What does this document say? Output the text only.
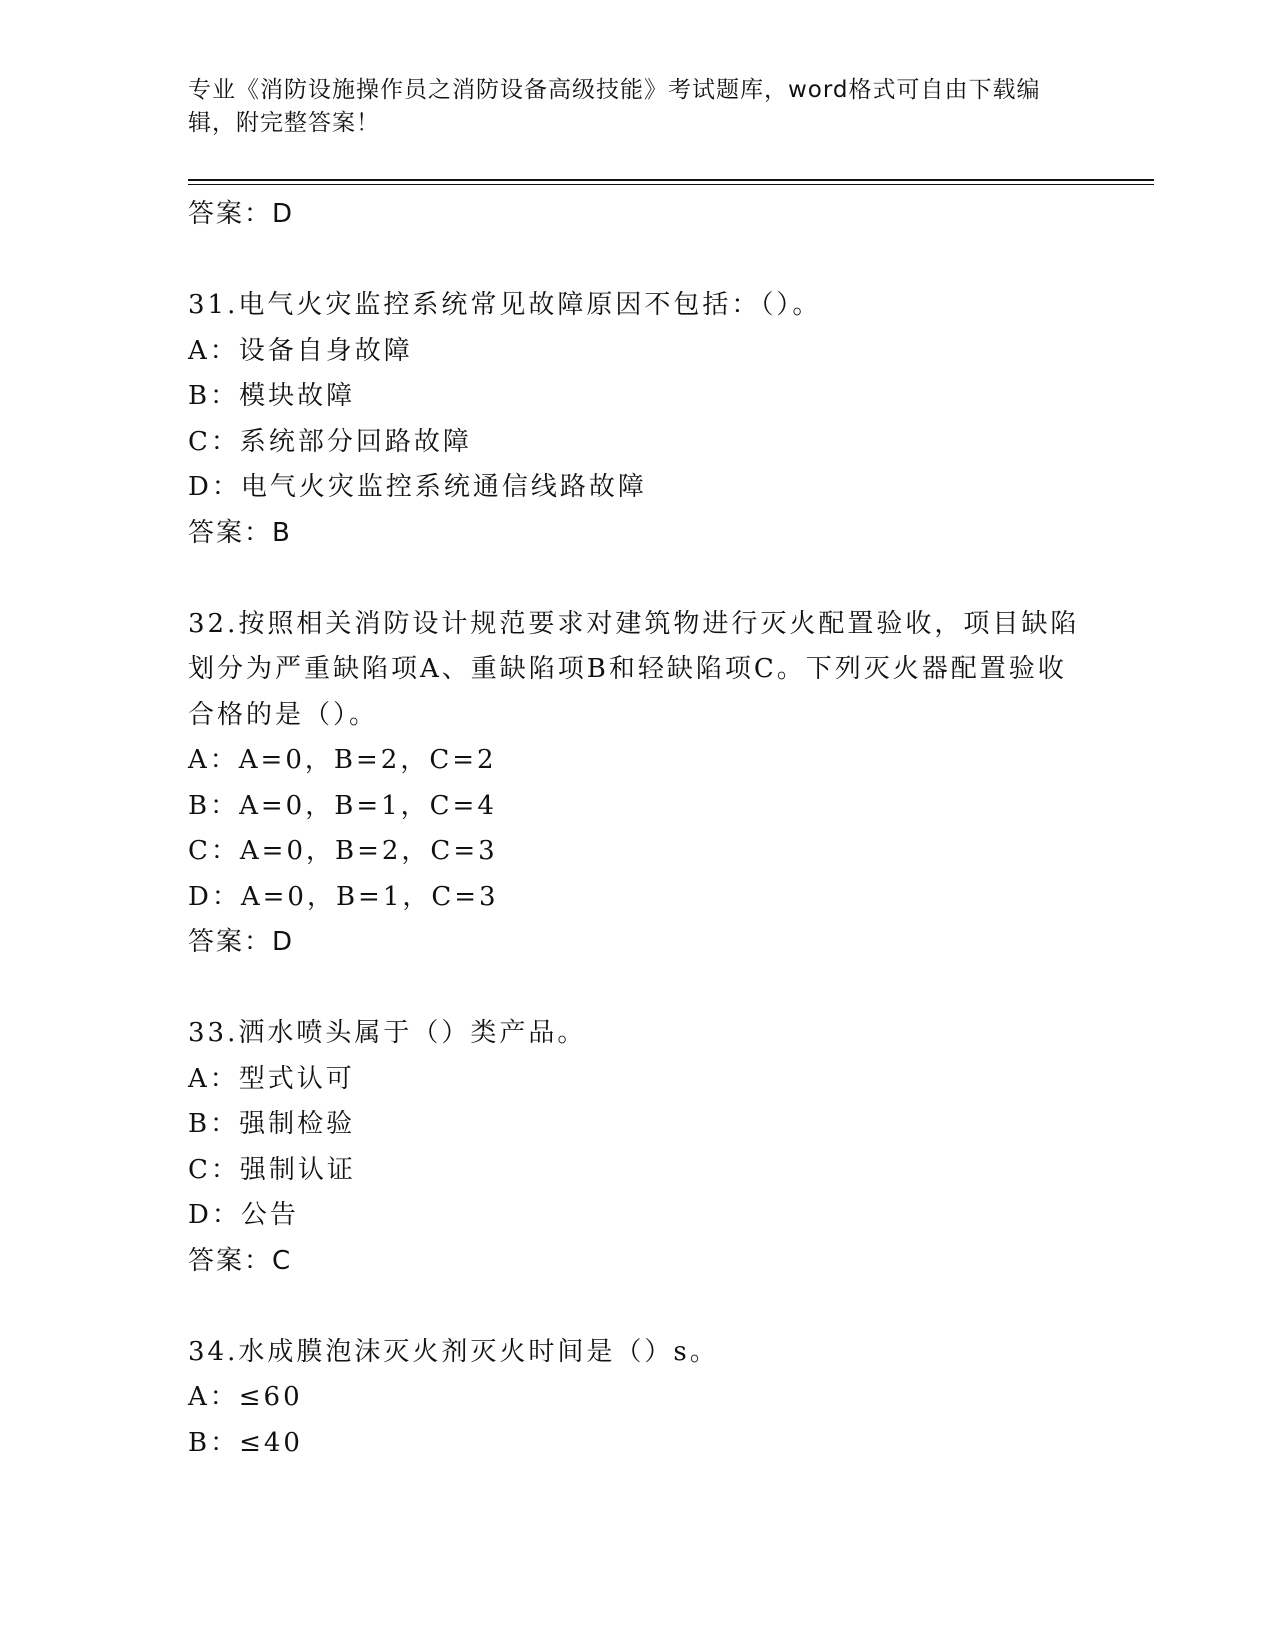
专业《消防设施操作员之消防设备高级技能》考试题库，word格式可自由下载编辑，附完整答案！

答案：D

31.电气火灾监控系统常见故障原因不包括：（）。

A：设备自身故障

B：模块故障

C：系统部分回路故障

D：电气火灾监控系统通信线路故障

答案：B

32.按照相关消防设计规范要求对建筑物进行灭火配置验收，项目缺陷

划分为严重缺陷项A、重缺陷项B和轻缺陷项C。下列灭火器配置验收

合格的是（）。

A：A=0，B=2，C=2

B：A=0，B=1，C=4

C：A=0，B=2，C=3

D：A=0，B=1，C=3

答案：D

33.洒水喷头属于（）类产品。

A：型式认可

B：强制检验

C：强制认证

D：公告

答案：C

34.水成膜泡沫灭火剂灭火时间是（）s。

A：≤60

B：≤40
